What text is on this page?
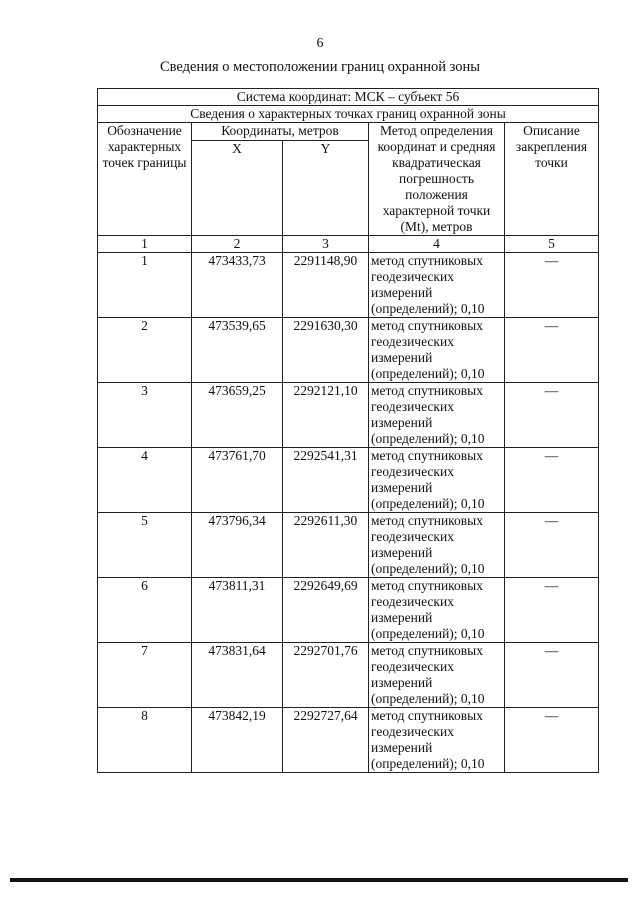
6
Сведения о местоположении границ охранной зоны
Система координат: МСК – субъект 56				
Сведения о характерных точках границ охранной зоны				
Обозначение характерных точек границы	Координаты, метров		Метод определения координат и средняя квадратическая погрешность положения характерной точки (Mt), метров	Описание закрепления точки
	X	Y		
1	2	3	4	5
1	473433,73	2291148,90	метод спутниковых геодезических измерений (определений); 0,10	—
2	473539,65	2291630,30	метод спутниковых геодезических измерений (определений); 0,10	—
3	473659,25	2292121,10	метод спутниковых геодезических измерений (определений); 0,10	—
4	473761,70	2292541,31	метод спутниковых геодезических измерений (определений); 0,10	—
5	473796,34	2292611,30	метод спутниковых геодезических измерений (определений); 0,10	—
6	473811,31	2292649,69	метод спутниковых геодезических измерений (определений); 0,10	—
7	473831,64	2292701,76	метод спутниковых геодезических измерений (определений); 0,10	—
8	473842,19	2292727,64	метод спутниковых геодезических измерений (определений); 0,10	—
